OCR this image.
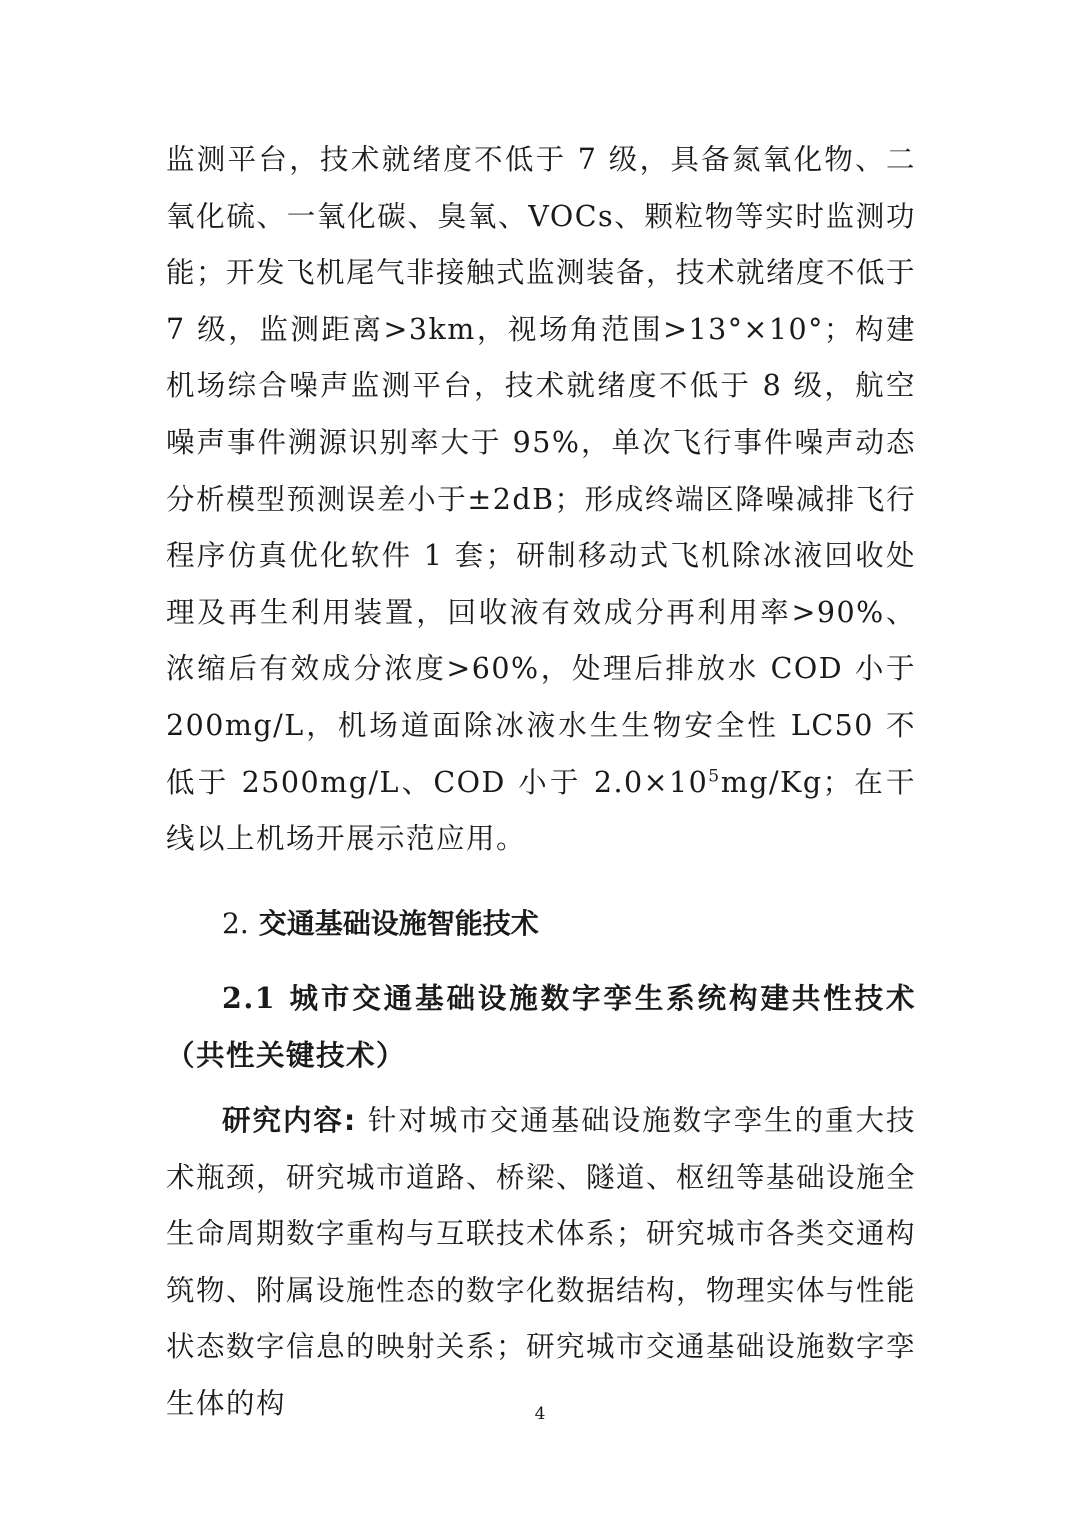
监测平台，技术就绪度不低于 7 级，具备氮氧化物、二氧化硫、一氧化碳、臭氧、VOCs、颗粒物等实时监测功能；开发飞机尾气非接触式监测装备，技术就绪度不低于 7 级，监测距离>3km，视场角范围>13°×10°；构建机场综合噪声监测平台，技术就绪度不低于 8 级，航空噪声事件溯源识别率大于 95%，单次飞行事件噪声动态分析模型预测误差小于±2dB；形成终端区降噪减排飞行程序仿真优化软件 1 套；研制移动式飞机除冰液回收处理及再生利用装置，回收液有效成分再利用率>90%、浓缩后有效成分浓度>60%，处理后排放水 COD 小于 200mg/L，机场道面除冰液水生生物安全性 LC50 不低于 2500mg/L、COD 小于 $2.0\times 10^5mg/Kg$；在干线以上机场开展示范应用。

2. 交通基础设施智能技术
2.1 城市交通基础设施数字孪生系统构建共性技术（共性关键技术）

研究内容: 针对城市交通基础设施数字孪生的重大技术瓶颈，研究城市道路、桥梁、隧道、枢纽等基础设施全生命周期数字重构与互联技术体系；研究城市各类交通构筑物、附属设施性态的数字化数据结构，物理实体与性能状态数字信息的映射关系；研究城市交通基础设施数字孪生体的构	4
